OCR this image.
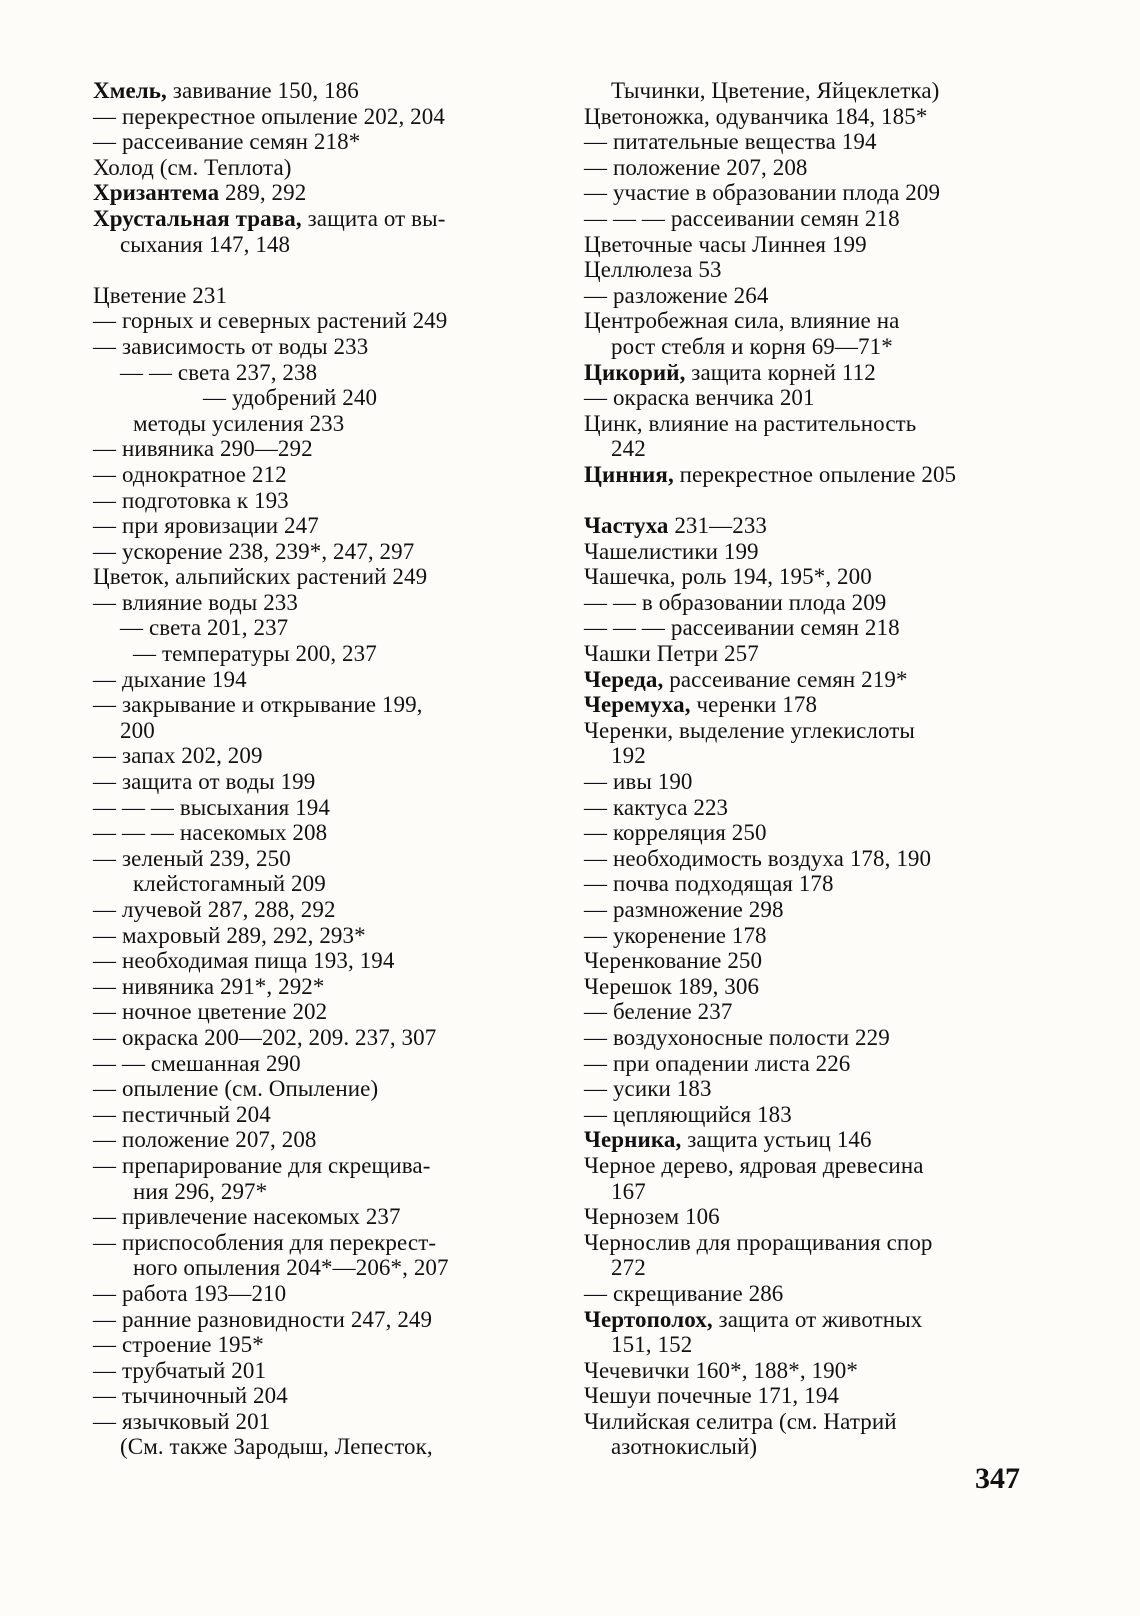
Хмель, завивание 150, 186
— перекрестное опыление 202, 204
— рассеивание семян 218*
Холод (см. Теплота)
Хризантема 289, 292
Хрустальная трава, защита от вы-
сыхания 147, 148
Цветение 231
— горных и северных растений 249
— зависимость от воды 233
— — света 237, 238
— удобрений 240
методы усиления 233
— нивяника 290—292
— однократное 212
— подготовка к 193
— при яровизации 247
— ускорение 238, 239*, 247, 297
Цветок, альпийских растений 249
— влияние воды 233
— света 201, 237
— температуры 200, 237
— дыхание 194
— закрывание и открывание 199,
200
— запах 202, 209
— защита от воды 199
— — — высыхания 194
— — — насекомых 208
— зеленый 239, 250
клейстогамный 209
— лучевой 287, 288, 292
— махровый 289, 292, 293*
— необходимая пища 193, 194
— нивяника 291*, 292*
— ночное цветение 202
— окраска 200—202, 209. 237, 307
— — смешанная 290
— опыление (см. Опыление)
— пестичный 204
— положение 207, 208
— препарирование для скрещива-
ния 296, 297*
— привлечение насекомых 237
— приспособления для перекрест-
ного опыления 204*—206*, 207
— работа 193—210
— ранние разновидности 247, 249
— строение 195*
— трубчатый 201
— тычиночный 204
— язычковый 201
(См. также Зародыш, Лепесток,
Тычинки, Цветение, Яйцеклетка)
Цветоножка, одуванчика 184, 185*
— питательные вещества 194
— положение 207, 208
— участие в образовании плода 209
— — — рассеивании семян 218
Цветочные часы Линнея 199
Целлюлеза 53
— разложение 264
Центробежная сила, влияние на
рост стебля и корня 69—71*
Цикорий, защита корней 112
— окраска венчика 201
Цинк, влияние на растительность
242
Цинния, перекрестное опыление 205
Частуха 231—233
Чашелистики 199
Чашечка, роль 194, 195*, 200
— — в образовании плода 209
— — — рассеивании семян 218
Чашки Петри 257
Череда, рассеивание семян 219*
Черемуха, черенки 178
Черенки, выделение углекислоты
192
— ивы 190
— кактуса 223
— корреляция 250
— необходимость воздуха 178, 190
— почва подходящая 178
— размножение 298
— укоренение 178
Черенкование 250
Черешок 189, 306
— беление 237
— воздухоносные полости 229
— при опадении листа 226
— усики 183
— цепляющийся 183
Черника, защита устьиц 146
Черное дерево, ядровая древесина
167
Чернозем 106
Чернослив для проращивания спор
272
— скрещивание 286
Чертополох, защита от животных
151, 152
Чечевички 160*, 188*, 190*
Чешуи почечные 171, 194
Чилийская селитра (см. Натрий
азотнокислый)
347
